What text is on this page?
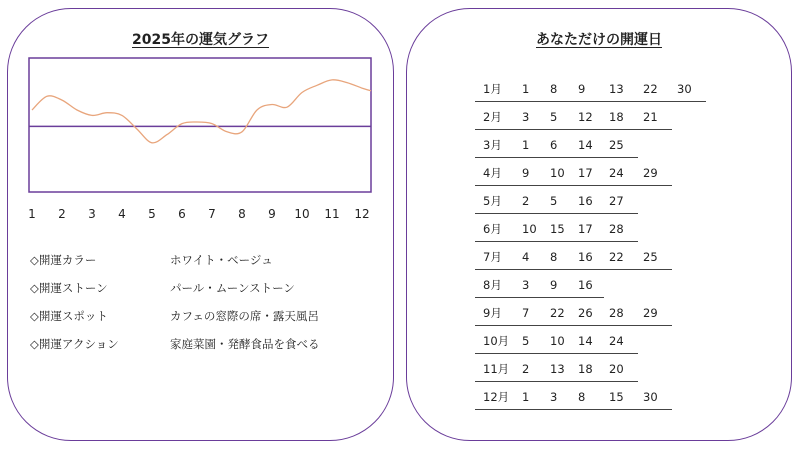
2025年の運気グラフ
◇開運カラー	ホワイト・ベージュ
◇開運ストーン	パール・ムーンストーン
◇開運スポット	カフェの窓際の席・露天風呂
◇開運アクション	家庭菜園・発酵食品を食べる
あなただけの開運日
1月 1 8 9 13 22 30
2月 3 5 12 18 21
3月 1 6 14 25
4月 9 10 17 24 29
5月 2 5 16 27
6月 10 15 17 28
7月 4 8 16 22 25
8月 3 9 16
9月 7 22 26 28 29
10月 5 10 14 24
11月 2 13 18 20
12月 1 3 8 15 30
1 2 3 4 5 6 7 8 9 10 11 12
